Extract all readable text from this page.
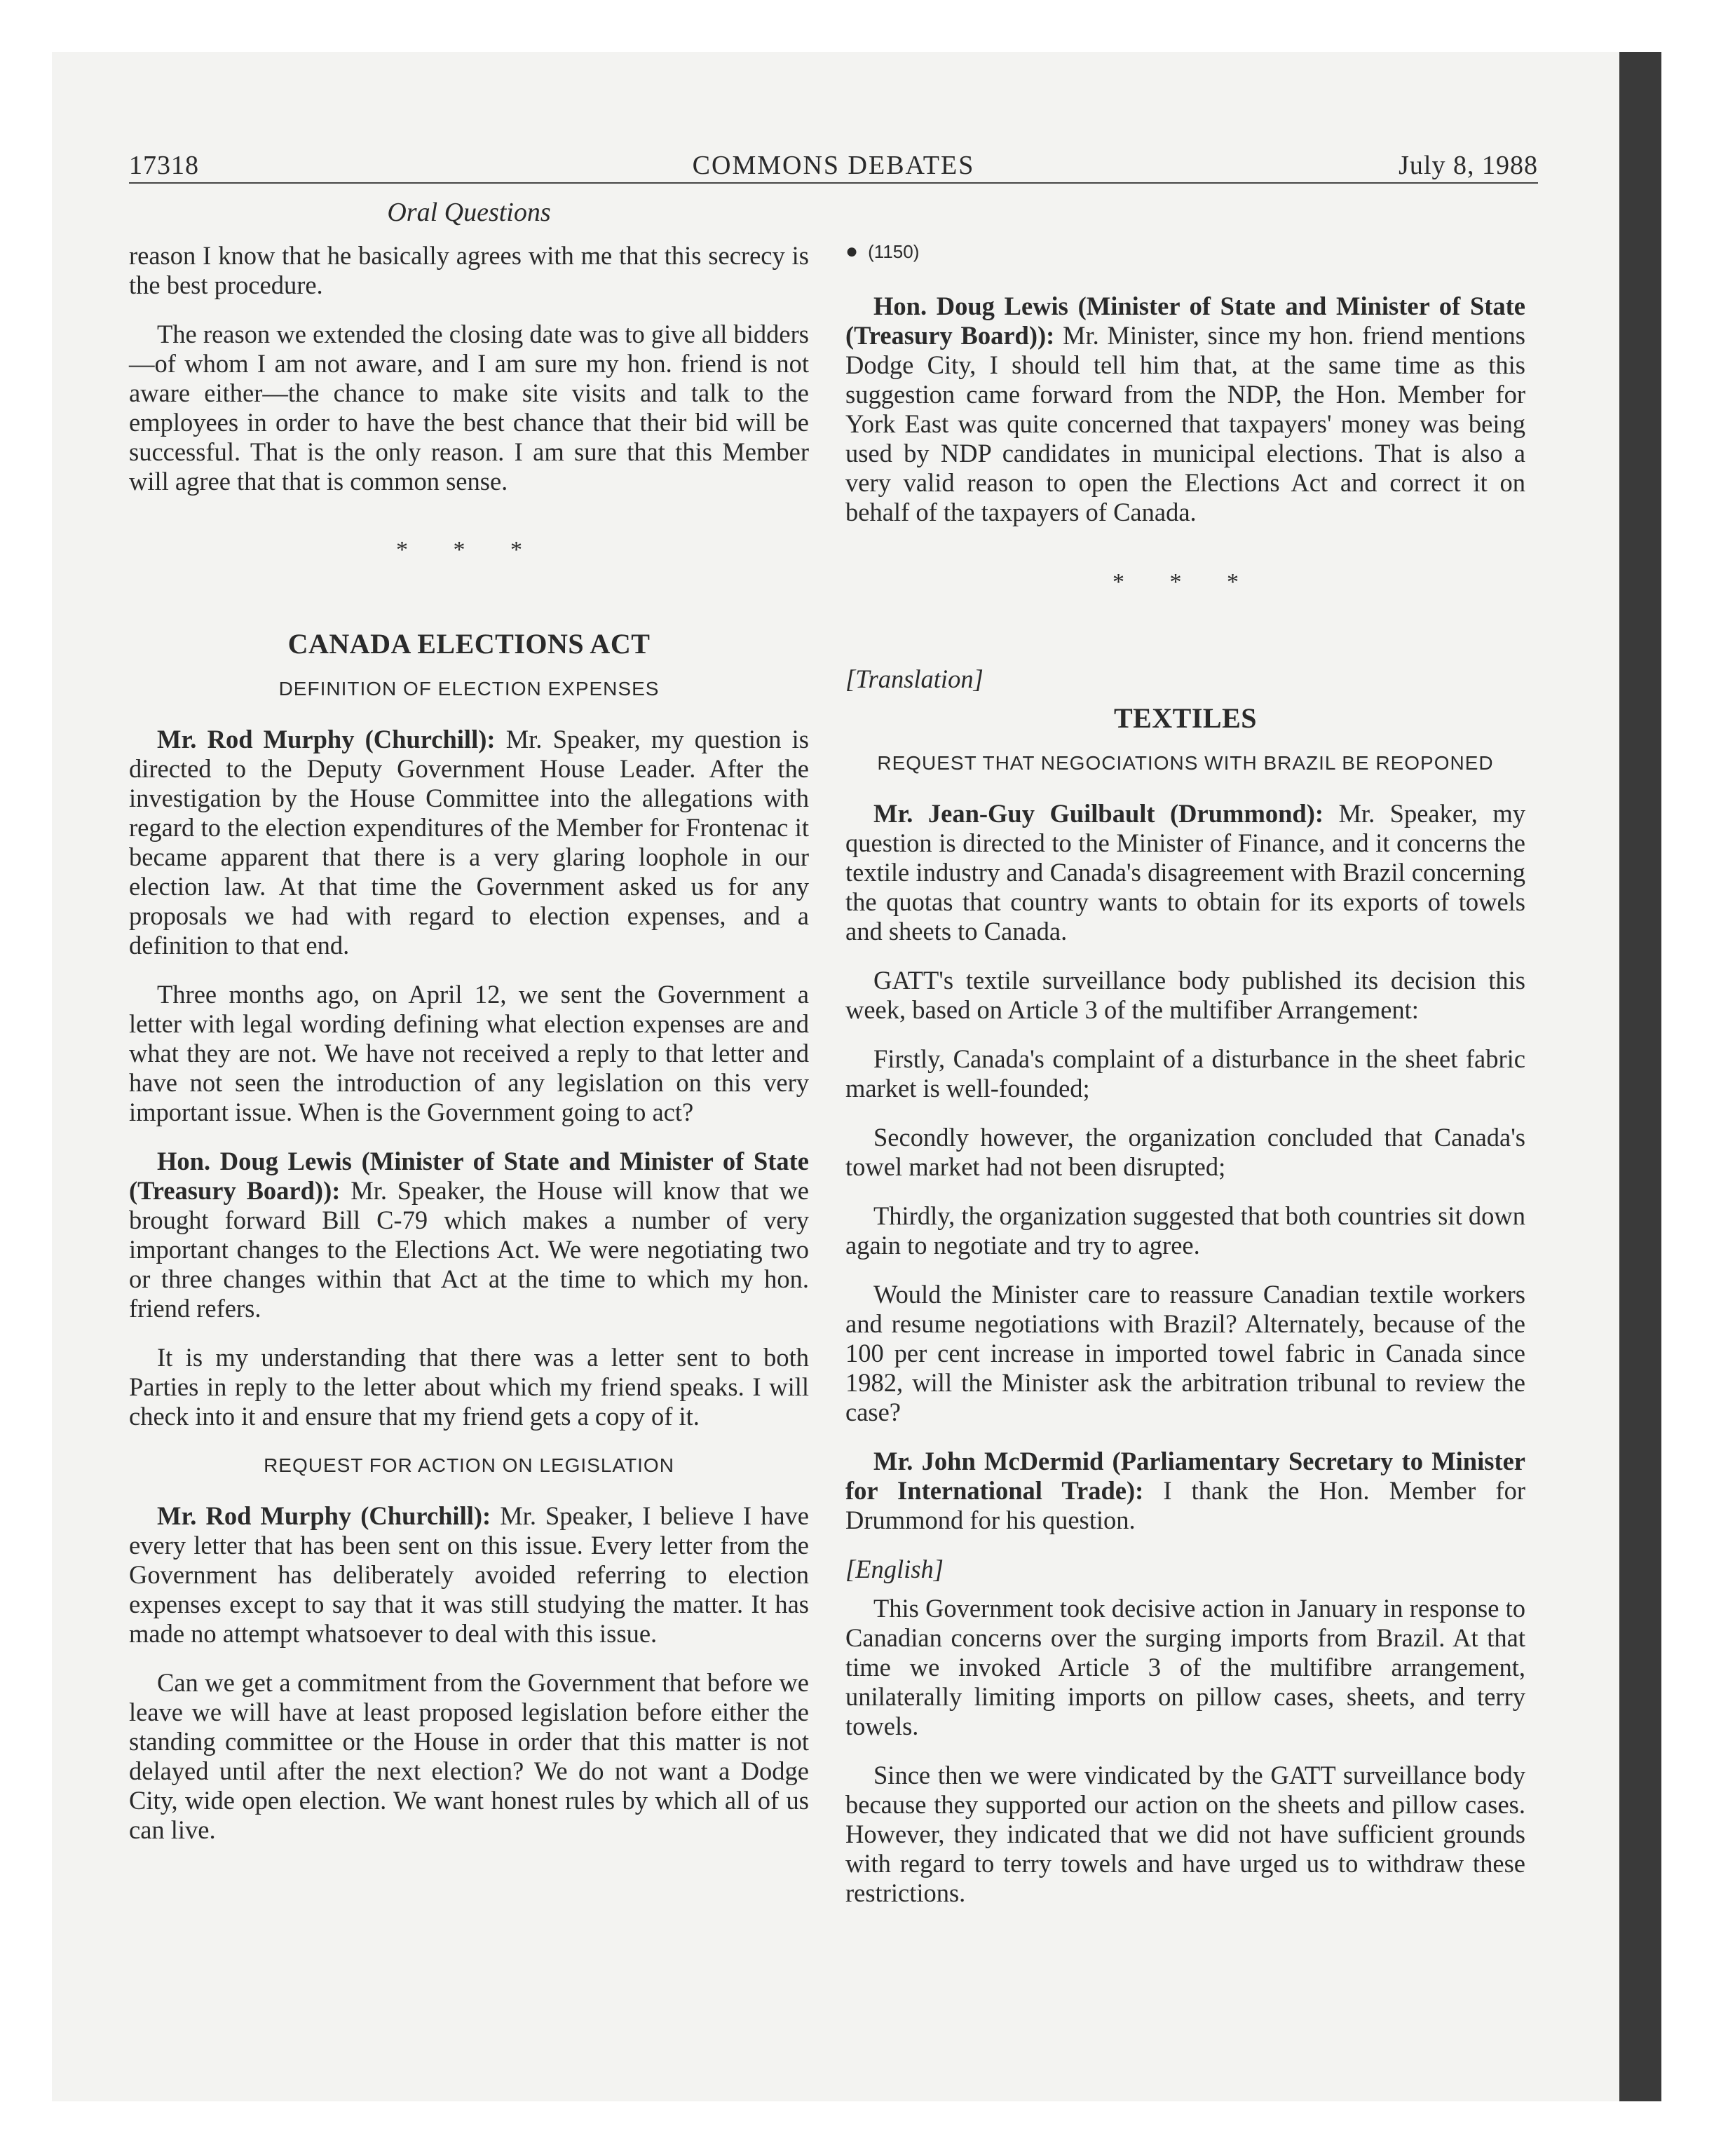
17318	COMMONS DEBATES	July 8, 1988
Oral Questions

reason I know that he basically agrees with me that this secrecy is the best procedure.

The reason we extended the closing date was to give all bidders—of whom I am not aware, and I am sure my hon. friend is not aware either—the chance to make site visits and talk to the employees in order to have the best chance that their bid will be successful. That is the only reason. I am sure that this Member will agree that that is common sense.

* * *
CANADA ELECTIONS ACT
DEFINITION OF ELECTION EXPENSES

Mr. Rod Murphy (Churchill): Mr. Speaker, my question is directed to the Deputy Government House Leader. After the investigation by the House Committee into the allegations with regard to the election expenditures of the Member for Frontenac it became apparent that there is a very glaring loophole in our election law. At that time the Government asked us for any proposals we had with regard to election expenses, and a definition to that end.

Three months ago, on April 12, we sent the Government a letter with legal wording defining what election expenses are and what they are not. We have not received a reply to that letter and have not seen the introduction of any legislation on this very important issue. When is the Government going to act?

Hon. Doug Lewis (Minister of State and Minister of State (Treasury Board)): Mr. Speaker, the House will know that we brought forward Bill C-79 which makes a number of very important changes to the Elections Act. We were negotiating two or three changes within that Act at the time to which my hon. friend refers.

It is my understanding that there was a letter sent to both Parties in reply to the letter about which my friend speaks. I will check into it and ensure that my friend gets a copy of it.

REQUEST FOR ACTION ON LEGISLATION

Mr. Rod Murphy (Churchill): Mr. Speaker, I believe I have every letter that has been sent on this issue. Every letter from the Government has deliberately avoided referring to election expenses except to say that it was still studying the matter. It has made no attempt whatsoever to deal with this issue.

Can we get a commitment from the Government that before we leave we will have at least proposed legislation before either the standing committee or the House in order that this matter is not delayed until after the next election? We do not want a Dodge City, wide open election. We want honest rules by which all of us can live.

● (1150)

Hon. Doug Lewis (Minister of State and Minister of State (Treasury Board)): Mr. Minister, since my hon. friend mentions Dodge City, I should tell him that, at the same time as this suggestion came forward from the NDP, the Hon. Member for York East was quite concerned that taxpayers' money was being used by NDP candidates in municipal elections. That is also a very valid reason to open the Elections Act and correct it on behalf of the taxpayers of Canada.

* * *

[Translation]

TEXTILES
REQUEST THAT NEGOCIATIONS WITH BRAZIL BE REOPONED

Mr. Jean-Guy Guilbault (Drummond): Mr. Speaker, my question is directed to the Minister of Finance, and it concerns the textile industry and Canada's disagreement with Brazil concerning the quotas that country wants to obtain for its exports of towels and sheets to Canada.

GATT's textile surveillance body published its decision this week, based on Article 3 of the multifiber Arrangement:

Firstly, Canada's complaint of a disturbance in the sheet fabric market is well-founded;

Secondly however, the organization concluded that Canada's towel market had not been disrupted;

Thirdly, the organization suggested that both countries sit down again to negotiate and try to agree.

Would the Minister care to reassure Canadian textile workers and resume negotiations with Brazil? Alternately, because of the 100 per cent increase in imported towel fabric in Canada since 1982, will the Minister ask the arbitration tribunal to review the case?

Mr. John McDermid (Parliamentary Secretary to Minister for International Trade): I thank the Hon. Member for Drummond for his question.

[English]

This Government took decisive action in January in response to Canadian concerns over the surging imports from Brazil. At that time we invoked Article 3 of the multifibre arrangement, unilaterally limiting imports on pillow cases, sheets, and terry towels.

Since then we were vindicated by the GATT surveillance body because they supported our action on the sheets and pillow cases. However, they indicated that we did not have sufficient grounds with regard to terry towels and have urged us to withdraw these restrictions.
